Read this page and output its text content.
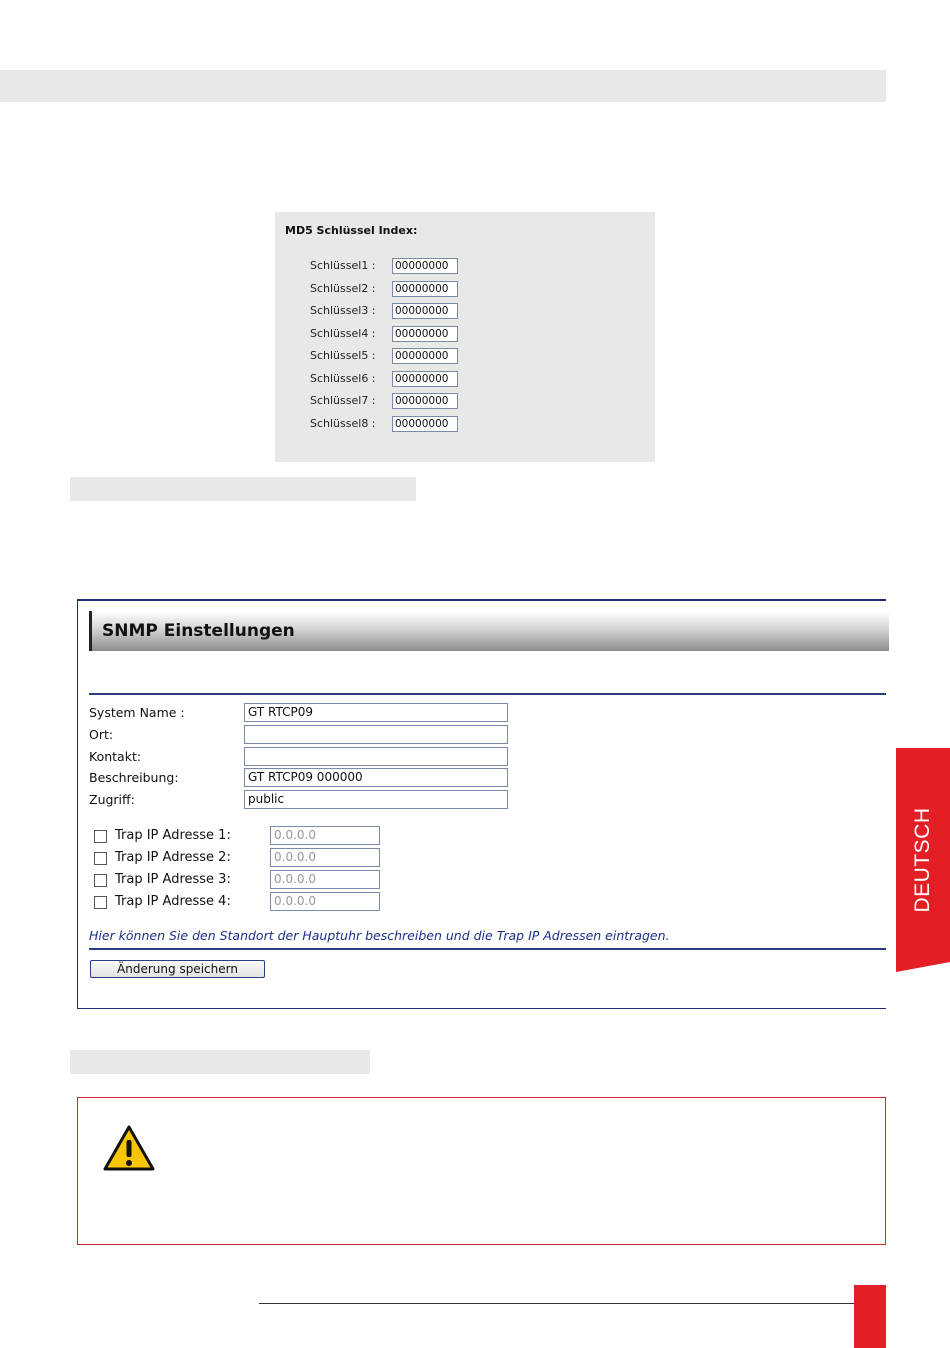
MD5 Schlüssel Index:
Schlüssel1 : 00000000
Schlüssel2 : 00000000
Schlüssel3 : 00000000
Schlüssel4 : 00000000
Schlüssel5 : 00000000
Schlüssel6 : 00000000
Schlüssel7 : 00000000
Schlüssel8 : 00000000
SNMP Einstellungen
System Name :	GT RTCP09
Ort:
Kontakt:
Beschreibung:	GT RTCP09 000000
Zugriff:	public
Trap IP Adresse 1:	0.0.0.0
Trap IP Adresse 2:	0.0.0.0
Trap IP Adresse 3:	0.0.0.0
Trap IP Adresse 4:	0.0.0.0
Hier können Sie den Standort der Hauptuhr beschreiben und die Trap IP Adressen eintragen.
Änderung speichern
DEUTSCH
